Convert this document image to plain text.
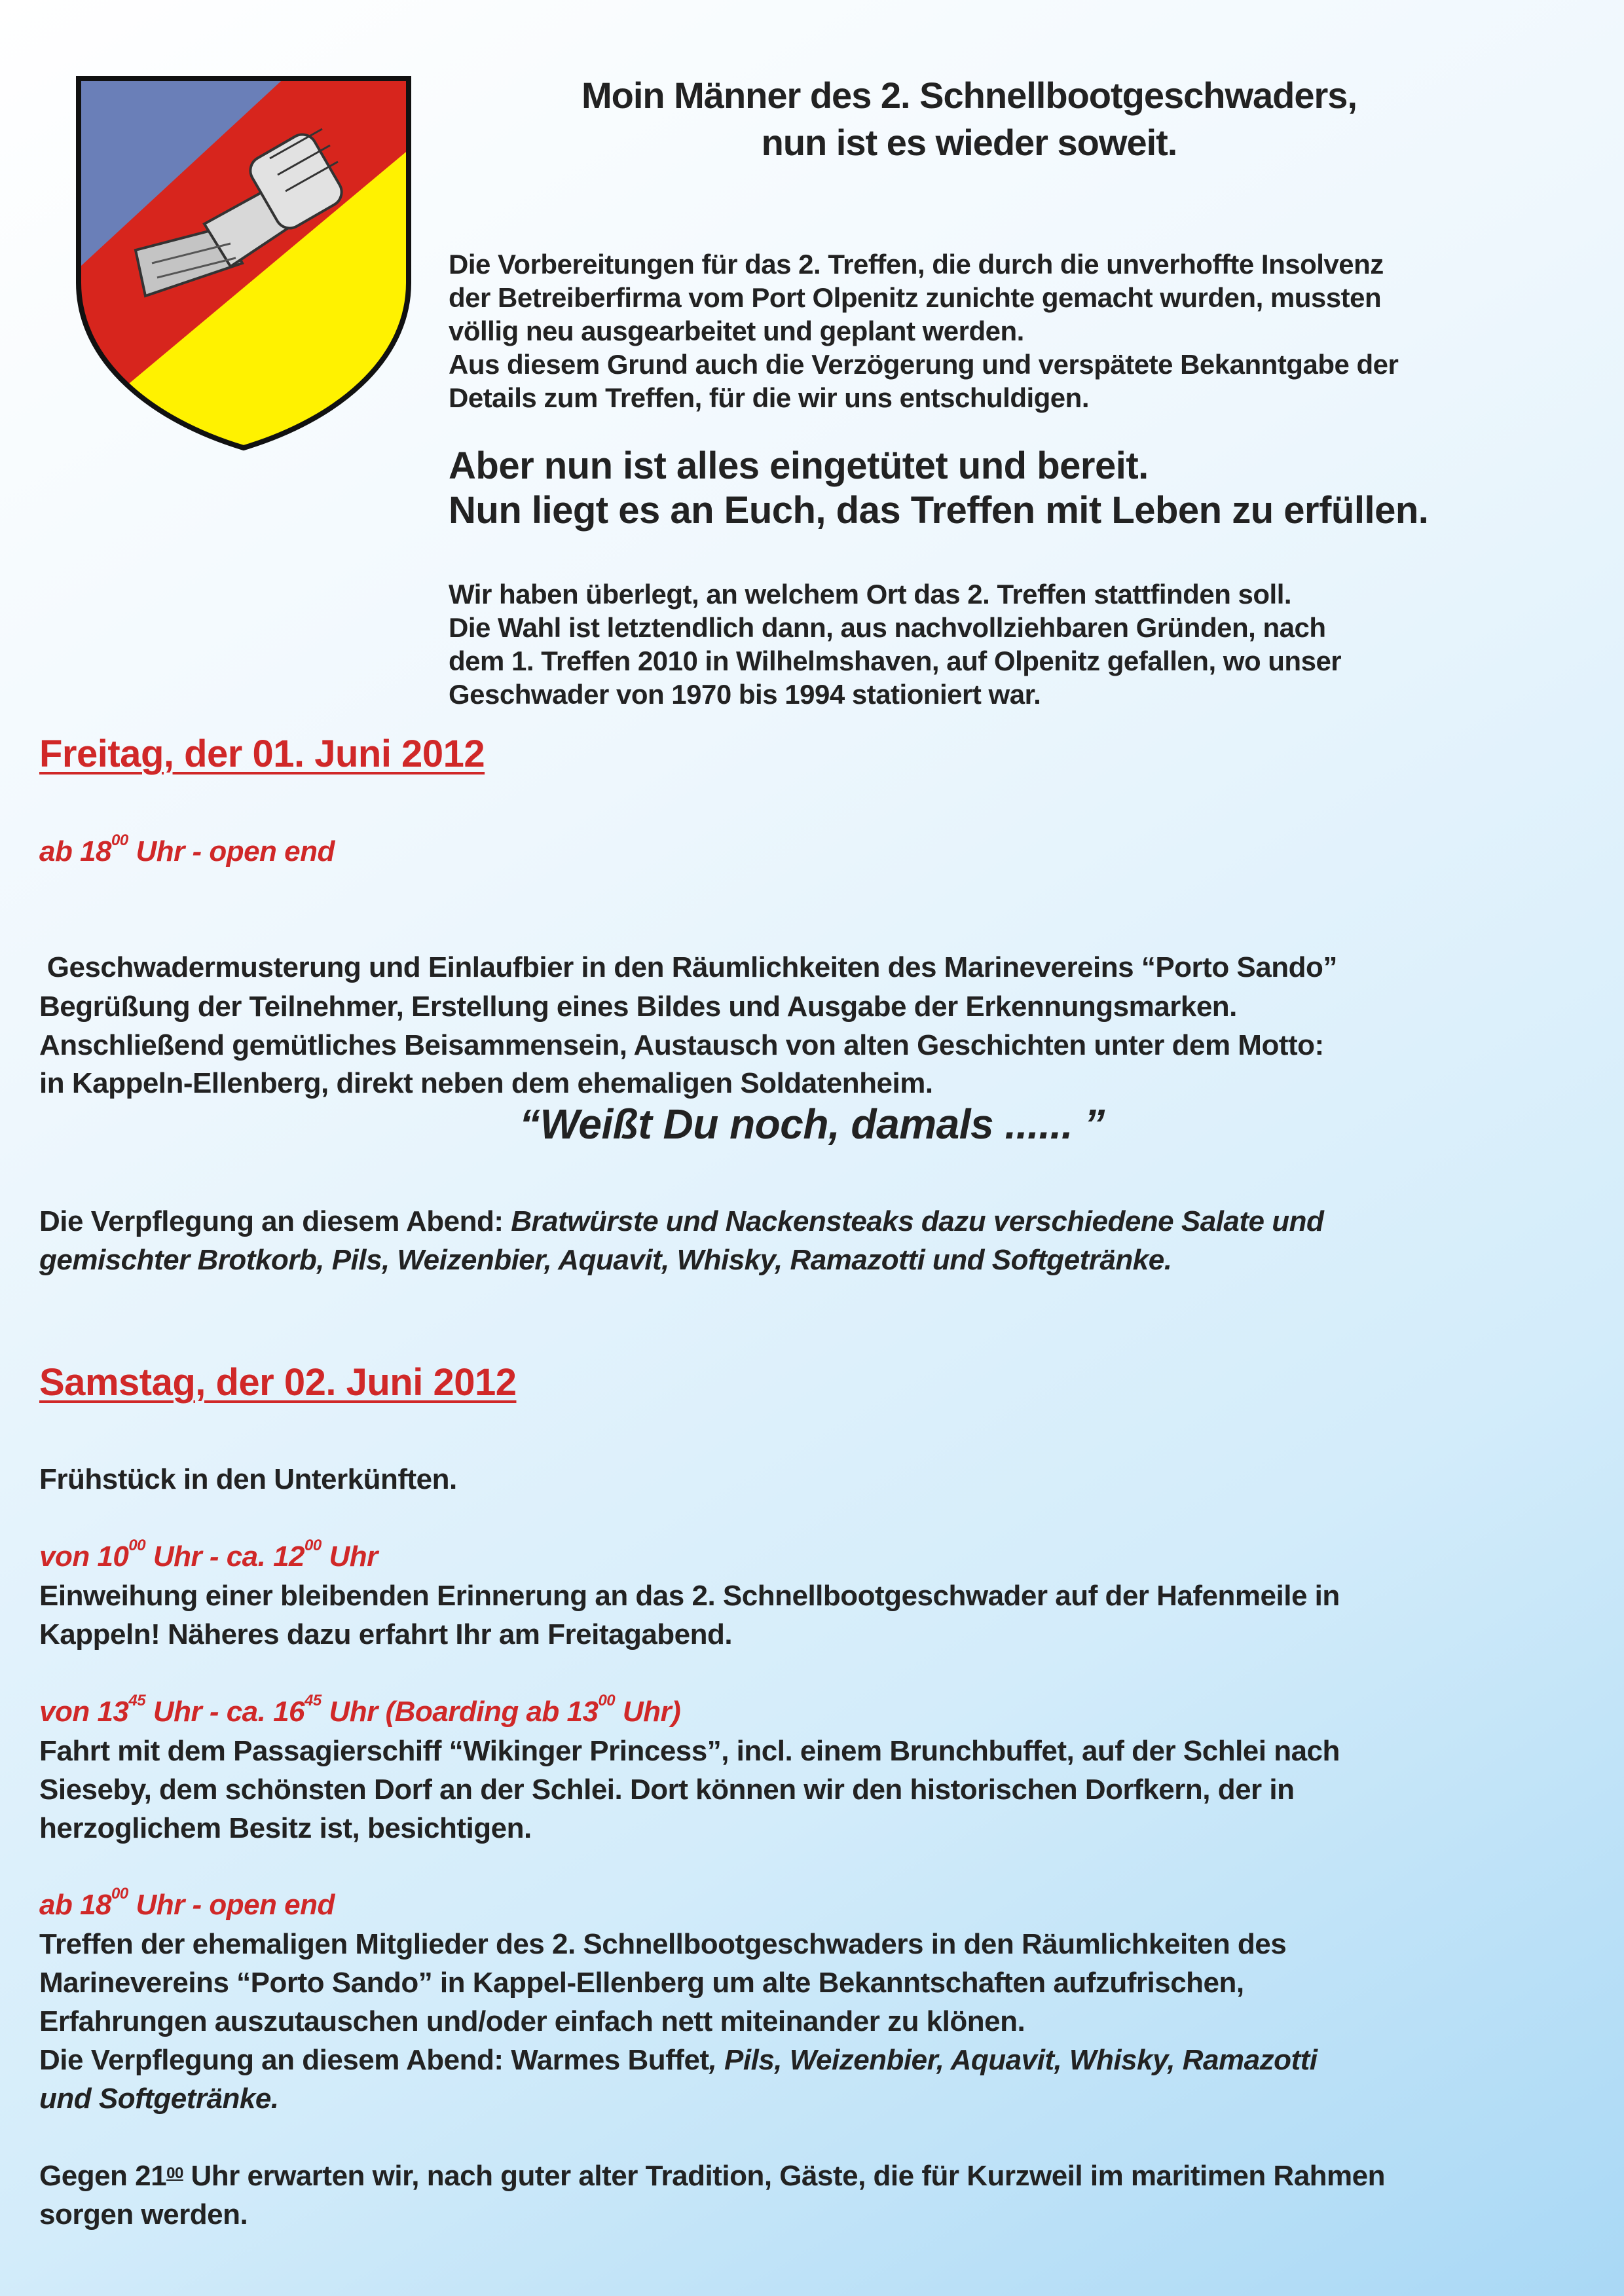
Moin Männer des 2. Schnellbootgeschwaders,
nun ist es wieder soweit.
Die Vorbereitungen für das 2. Treffen, die durch die unverhoffte Insolvenz
der Betreiberfirma vom Port Olpenitz zunichte gemacht wurden, mussten
völlig neu ausgearbeitet und geplant werden.
Aus diesem Grund auch die Verzögerung und verspätete Bekanntgabe der
Details zum Treffen, für die wir uns entschuldigen.
Aber nun ist alles eingetütet und bereit.
Nun liegt es an Euch, das Treffen mit Leben zu erfüllen.
Wir haben überlegt, an welchem Ort das 2. Treffen stattfinden soll.
Die Wahl ist letztendlich dann, aus nachvollziehbaren Gründen, nach
dem 1. Treffen 2010 in Wilhelmshaven, auf Olpenitz gefallen, wo unser
Geschwader von 1970 bis 1994 stationiert war.
Freitag, der 01. Juni 2012
ab $18^{00}$ Uhr - open end

Geschwadermusterung und Einlaufbier in den Räumlichkeiten des Marinevereins “Porto Sando”

in Kappeln-Ellenberg, direkt neben dem ehemaligen Soldatenheim.

Begrüßung der Teilnehmer, Erstellung eines Bildes und Ausgabe der Erkennungsmarken.
Anschließend gemütliches Beisammensein, Austausch von alten Geschichten unter dem Motto:
“Weißt Du noch, damals ...... ”
Die Verpflegung an diesem Abend: Bratwürste und Nackensteaks dazu verschiedene Salate und
gemischter Brotkorb, Pils, Weizenbier, Aquavit, Whisky, Ramazotti und Softgetränke.
Samstag, der 02. Juni 2012
Frühstück in den Unterkünften.
von $10^{00}$ Uhr - ca. $12^{00}$ Uhr
Einweihung einer bleibenden Erinnerung an das 2. Schnellbootgeschwader auf der Hafenmeile in
Kappeln! Näheres dazu erfahrt Ihr am Freitagabend.
von $13^{45}$ Uhr - ca. $16^{45}$ Uhr (Boarding ab $13^{00}$ Uhr)
Fahrt mit dem Passagierschiff “Wikinger Princess”, incl. einem Brunchbuffet, auf der Schlei nach
Sieseby, dem schönsten Dorf an der Schlei. Dort können wir den historischen Dorfkern, der in
herzoglichem Besitz ist, besichtigen.
ab $18^{00}$ Uhr - open end
Treffen der ehemaligen Mitglieder des 2. Schnellbootgeschwaders in den Räumlichkeiten des
Marinevereins “Porto Sando” in Kappel-Ellenberg um alte Bekanntschaften aufzufrischen,
Erfahrungen auszutauschen und/oder einfach nett miteinander zu klönen.
Die Verpflegung an diesem Abend: Warmes Buffet, Pils, Weizenbier, Aquavit, Whisky, Ramazotti
und Softgetränke.
Gegen $21^{00}$ Uhr erwarten wir, nach guter alter Tradition, Gäste, die für Kurzweil im maritimen Rahmen
sorgen werden.
